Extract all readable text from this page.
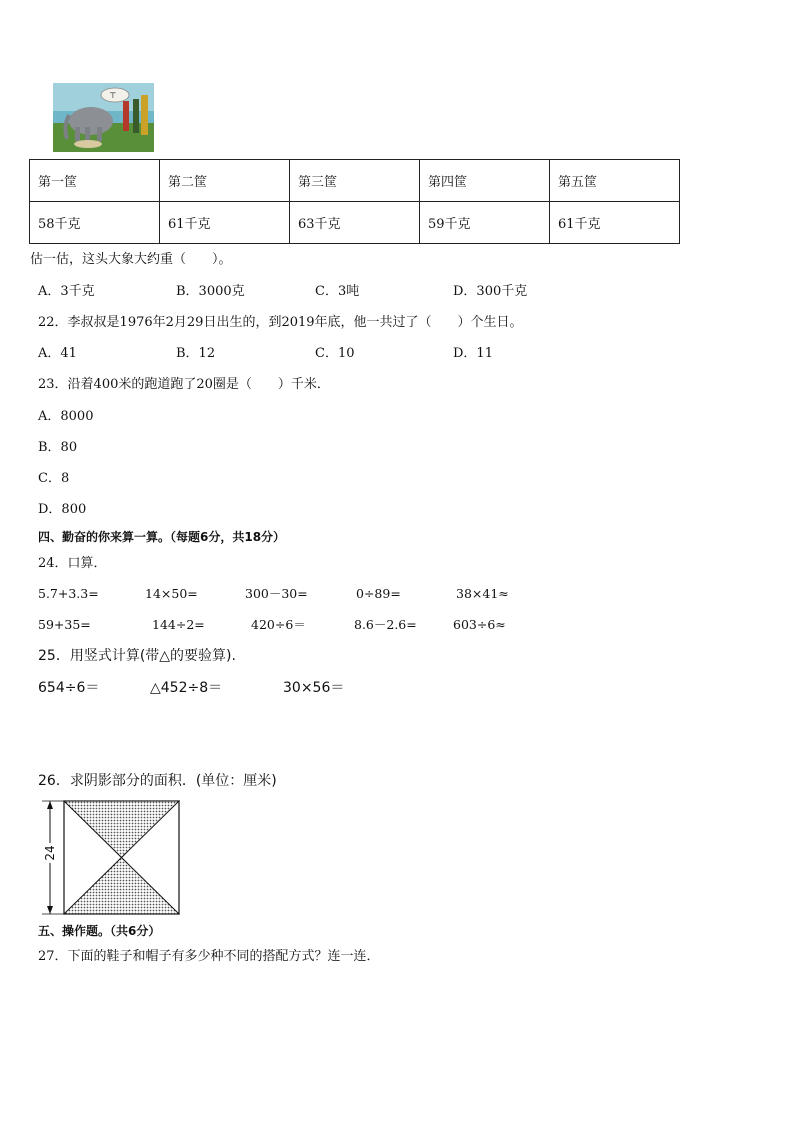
⊤
第一筐	第二筐	第三筐	第四筐	第五筐
58千克	61千克	63千克	59千克	61千克
估一估，这头大象大约重（　　）。
A．3千克	B．3000克	C．3吨	D．300千克
22．李叔叔是1976年2月29日出生的，到2019年底，他一共过了（　　）个生日。
A．41	B．12	C．10	D．11
23．沿着400米的跑道跑了20圈是（　　）千米．
A．8000
B．80
C．8
D．800
四、勤奋的你来算一算。（每题6分，共18分）
24．口算．
5.7+3.3=	14×50=	300－30=	0÷89=	38×41≈
59+35=	144÷2=	420÷6＝	8.6－2.6=	603÷6≈
25．用竖式计算(带△的要验算).
654÷6＝	△452÷8＝	30×56＝
26．求阴影部分的面积．(单位：厘米)
24
五、操作题。（共6分）
27．下面的鞋子和帽子有多少种不同的搭配方式？连一连．
